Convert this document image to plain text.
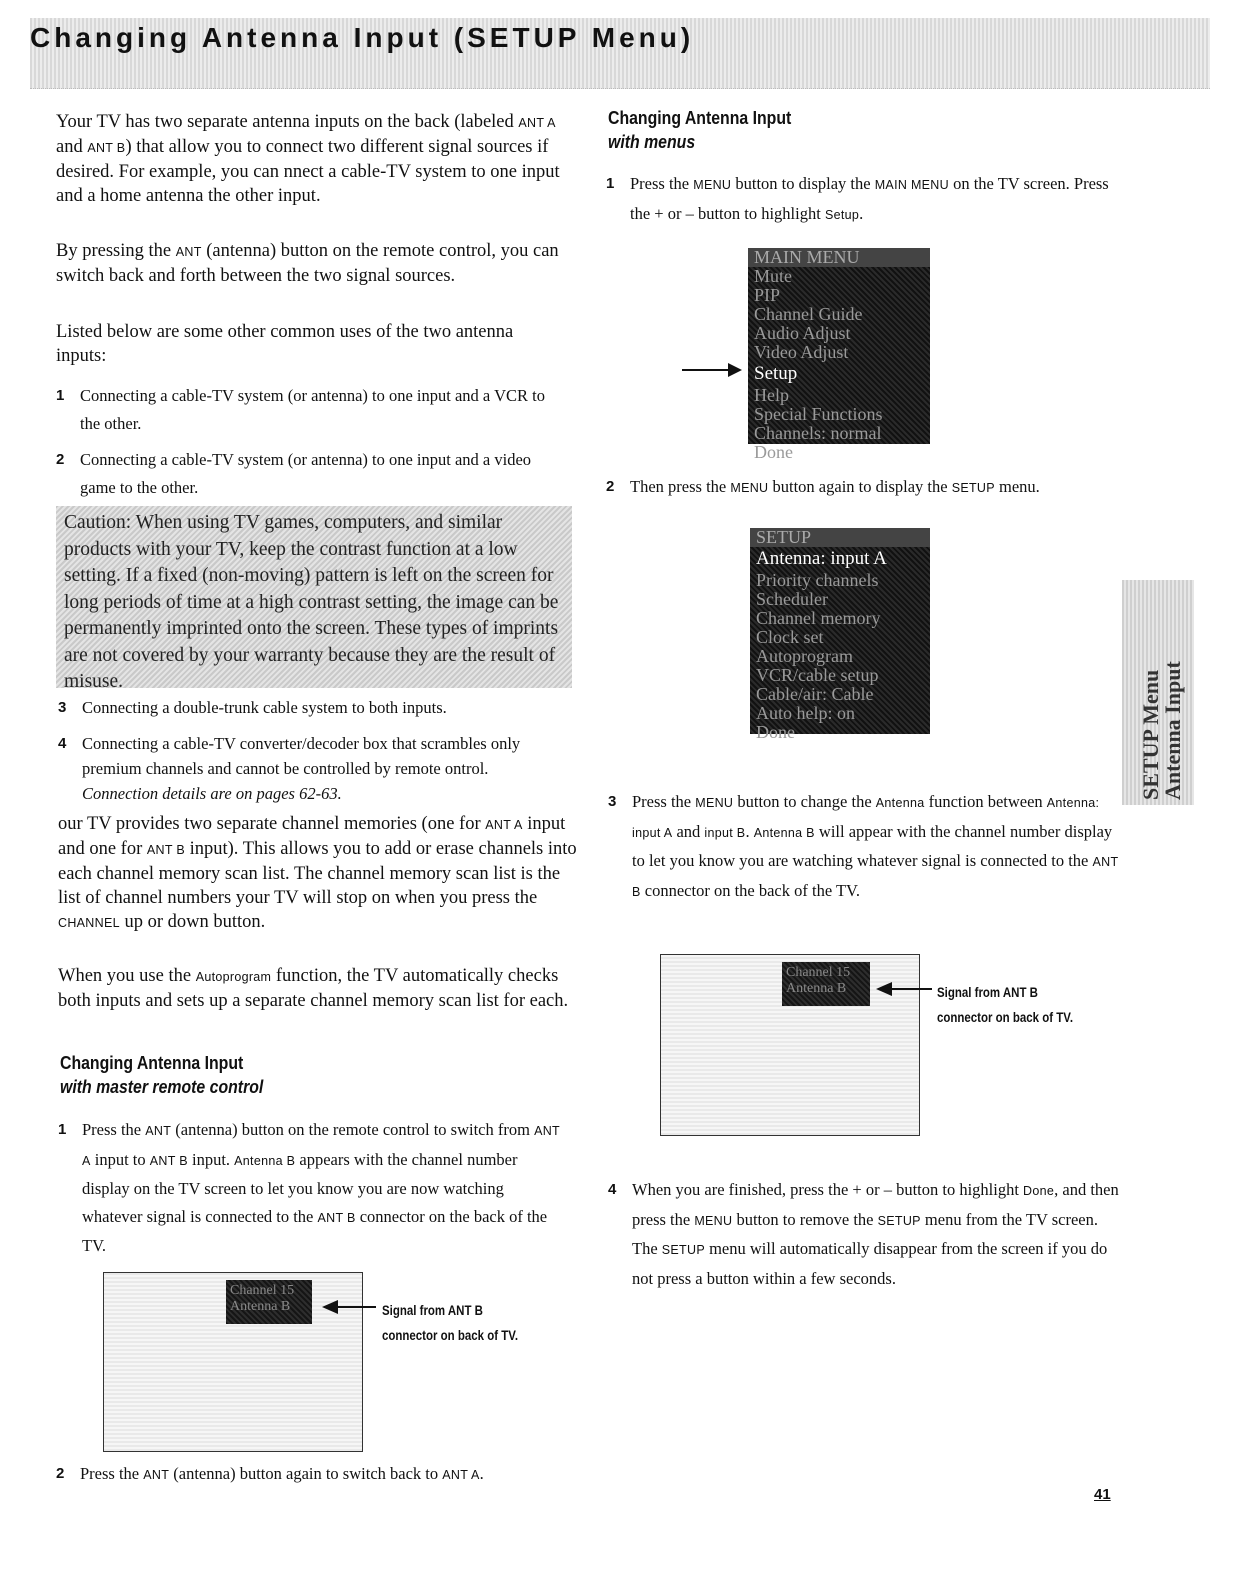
Changing Antenna Input (SETUP Menu)

Your TV has two separate antenna inputs on the back (labeled ANT A and ANT B) that allow you to connect two different signal sources if desired. For example, you can nnect a cable-TV system to one input and a home antenna the other input.

By pressing the ANT (antenna) button on the remote control, you can switch back and forth between the two signal sources.

Listed below are some other common uses of the two antenna inputs:

1 Connecting a cable-TV system (or antenna) to one input and a VCR to the other.

2 Connecting a cable-TV system (or antenna) to one input and a video game to the other.

Caution: When using TV games, computers, and similar products with your TV, keep the contrast function at a low setting. If a fixed (non-moving) pattern is left on the screen for long periods of time at a high contrast setting, the image can be permanently imprinted onto the screen. These types of imprints are not covered by your warranty because they are the result of misuse.

3 Connecting a double-trunk cable system to both inputs.

4 Connecting a cable-TV converter/decoder box that scrambles only premium channels and cannot be controlled by remote ontrol. Connection details are on pages 62-63.

our TV provides two separate channel memories (one for ANT A input and one for ANT B input). This allows you to add or erase channels into each channel memory scan list. The channel memory scan list is the list of channel numbers your TV will stop on when you press the CHANNEL up or down button.

When you use the Autoprogram function, the TV automatically checks both inputs and sets up a separate channel memory scan list for each.

Changing Antenna Input
with master remote control

1 Press the ANT (antenna) button on the remote control to switch from ANT A input to ANT B input. Antenna B appears with the channel number display on the TV screen to let you know you are now watching whatever signal is connected to the ANT B connector on the back of the TV.

Channel 15
Antenna B	Signal from ANT B
connector on back of TV.

2 Press the ANT (antenna) button again to switch back to ANT A.

Changing Antenna Input
with menus

1 Press the MENU button to display the MAIN MENU on the TV screen. Press the + or – button to highlight Setup.

MAIN MENU
Mute
PIP
Channel Guide
Audio Adjust
Video Adjust
Setup
Help
Special Functions
Channels: normal
Done

2 Then press the MENU button again to display the SETUP menu.

SETUP
Antenna: input A
Priority channels
Scheduler
Channel memory
Clock set
Autoprogram
VCR/cable setup
Cable/air: Cable
Auto help: on
Done

3 Press the MENU button to change the Antenna function between Antenna: input A and input B. Antenna B will appear with the channel number display to let you know you are watching whatever signal is connected to the ANT B connector on the back of the TV.

Channel 15
Antenna B	Signal from ANT B
connector on back of TV.

4 When you are finished, press the + or – button to highlight Done, and then press the MENU button to remove the SETUP menu from the TV screen. The SETUP menu will automatically disappear from the screen if you do not press a button within a few seconds.

SETUP Menu
Antenna Input
41
